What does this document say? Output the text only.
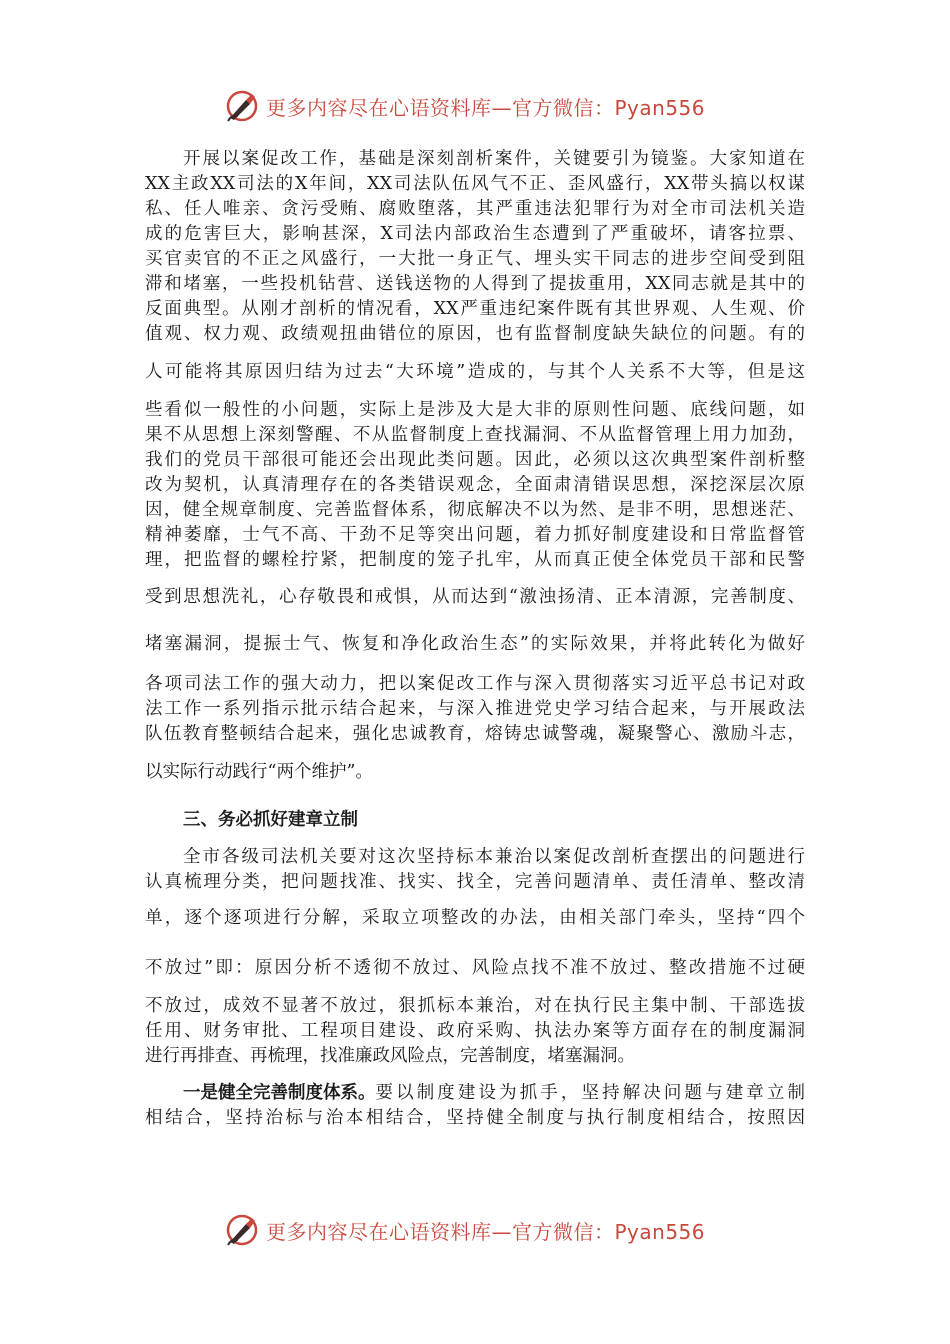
更多内容尽在心语资料库—官方微信：Pyan556
开展以案促改工作，基础是深刻剖析案件，关键要引为镜鉴。大家知道在
XX主政XX司法的X年间，XX司法队伍风气不正、歪风盛行，XX带头搞以权谋
私、任人唯亲、贪污受贿、腐败堕落，其严重违法犯罪行为对全市司法机关造
成的危害巨大，影响甚深，X司法内部政治生态遭到了严重破坏，请客拉票、
买官卖官的不正之风盛行，一大批一身正气、埋头实干同志的进步空间受到阻
滞和堵塞，一些投机钻营、送钱送物的人得到了提拔重用，XX同志就是其中的
反面典型。从刚才剖析的情况看，XX严重违纪案件既有其世界观、人生观、价
值观、权力观、政绩观扭曲错位的原因，也有监督制度缺失缺位的问题。有的
人可能将其原因归结为过去“大环境”造成的，与其个人关系不大等，但是这
些看似一般性的小问题，实际上是涉及大是大非的原则性问题、底线问题，如
果不从思想上深刻警醒、不从监督制度上查找漏洞、不从监督管理上用力加劲，
我们的党员干部很可能还会出现此类问题。因此，必须以这次典型案件剖析整
改为契机，认真清理存在的各类错误观念，全面肃清错误思想，深挖深层次原
因，健全规章制度、完善监督体系，彻底解决不以为然、是非不明，思想迷茫、
精神萎靡，士气不高、干劲不足等突出问题，着力抓好制度建设和日常监督管
理，把监督的螺栓拧紧，把制度的笼子扎牢，从而真正使全体党员干部和民警
受到思想洗礼，心存敬畏和戒惧，从而达到“激浊扬清、正本清源，完善制度、
堵塞漏洞，提振士气、恢复和净化政治生态”的实际效果，并将此转化为做好
各项司法工作的强大动力，把以案促改工作与深入贯彻落实习近平总书记对政
法工作一系列指示批示结合起来，与深入推进党史学习结合起来，与开展政法
队伍教育整顿结合起来，强化忠诚教育，熔铸忠诚警魂，凝聚警心、激励斗志，
以实际行动践行“两个维护”。
三、务必抓好建章立制
全市各级司法机关要对这次坚持标本兼治以案促改剖析查摆出的问题进行
认真梳理分类，把问题找准、找实、找全，完善问题清单、责任清单、整改清
单，逐个逐项进行分解，采取立项整改的办法，由相关部门牵头，坚持“四个
不放过”即：原因分析不透彻不放过、风险点找不准不放过、整改措施不过硬
不放过，成效不显著不放过，狠抓标本兼治，对在执行民主集中制、干部选拔
任用、财务审批、工程项目建设、政府采购、执法办案等方面存在的制度漏洞
进行再排查、再梳理，找准廉政风险点，完善制度，堵塞漏洞。
一是健全完善制度体系。 要以制度建设为抓手，坚持解决问题与建章立制
相结合，坚持治标与治本相结合，坚持健全制度与执行制度相结合，按照因
更多内容尽在心语资料库—官方微信：Pyan556
